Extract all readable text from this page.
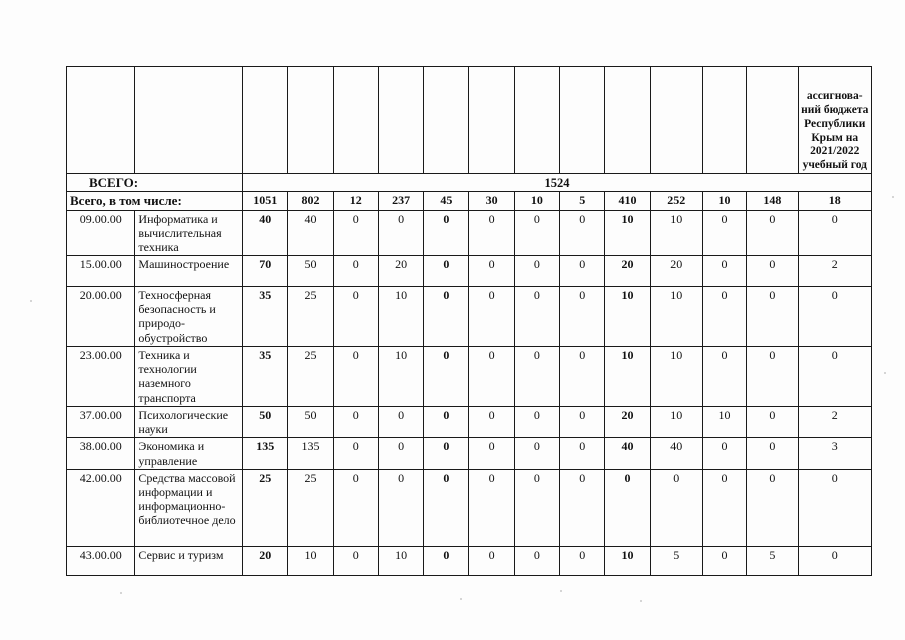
														ассигнова-ний бюджета Республики Крым на 2021/2022 учебный год
ВСЕГО:		1524												
Всего, в том числе:		1051	802	12	237	45	30	10	5	410	252	10	148	18
09.00.00	Информатика и вычислительная техника	40	40	0	0	0	0	0	0	10	10	0	0	0
15.00.00	Машиностроение	70	50	0	20	0	0	0	0	20	20	0	0	2
20.00.00	Техносферная безопасность и природо-обустройство	35	25	0	10	0	0	0	0	10	10	0	0	0
23.00.00	Техника и технологии наземного транспорта	35	25	0	10	0	0	0	0	10	10	0	0	0
37.00.00	Психологические науки	50	50	0	0	0	0	0	0	20	10	10	0	2
38.00.00	Экономика и управление	135	135	0	0	0	0	0	0	40	40	0	0	3
42.00.00	Средства массовой информации и информационно-библиотечное дело	25	25	0	0	0	0	0	0	0	0	0	0	0
43.00.00	Сервис и туризм	20	10	0	10	0	0	0	0	10	5	0	5	0
